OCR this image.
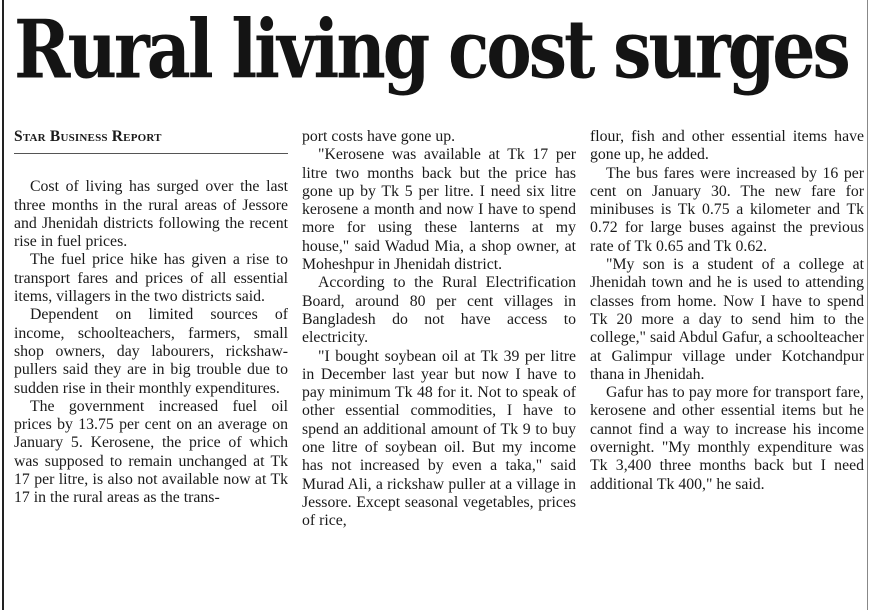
Rural living cost surges
Star Business Report

Cost of living has surged over the last three months in the rural areas of Jessore and Jhenidah districts following the recent rise in fuel prices.

The fuel price hike has given a rise to transport fares and prices of all essential items, villagers in the two districts said.

Dependent on limited sources of income, schoolteachers, farmers, small shop owners, day labourers, rickshaw-pullers said they are in big trouble due to sudden rise in their monthly expenditures.

The government increased fuel oil prices by 13.75 per cent on an average on January 5. Kerosene, the price of which was supposed to remain unchanged at Tk 17 per litre, is also not available now at Tk 17 in the rural areas as the trans-

port costs have gone up.

"Kerosene was available at Tk 17 per litre two months back but the price has gone up by Tk 5 per litre. I need six litre kerosene a month and now I have to spend more for using these lanterns at my house," said Wadud Mia, a shop owner, at Moheshpur in Jhenidah district.

According to the Rural Electrification Board, around 80 per cent villages in Bangladesh do not have access to electricity.

"I bought soybean oil at Tk 39 per litre in December last year but now I have to pay minimum Tk 48 for it. Not to speak of other essential commodities, I have to spend an additional amount of Tk 9 to buy one litre of soybean oil. But my income has not increased by even a taka," said Murad Ali, a rickshaw puller at a village in Jessore. Except seasonal vegetables, prices of rice,

flour, fish and other essential items have gone up, he added.

The bus fares were increased by 16 per cent on January 30. The new fare for minibuses is Tk 0.75 a kilometer and Tk 0.72 for large buses against the previous rate of Tk 0.65 and Tk 0.62.

"My son is a student of a college at Jhenidah town and he is used to attending classes from home. Now I have to spend Tk 20 more a day to send him to the college," said Abdul Gafur, a schoolteacher at Galimpur village under Kotchandpur thana in Jhenidah.

Gafur has to pay more for transport fare, kerosene and other essential items but he cannot find a way to increase his income overnight. "My monthly expenditure was Tk 3,400 three months back but I need additional Tk 400," he said.
